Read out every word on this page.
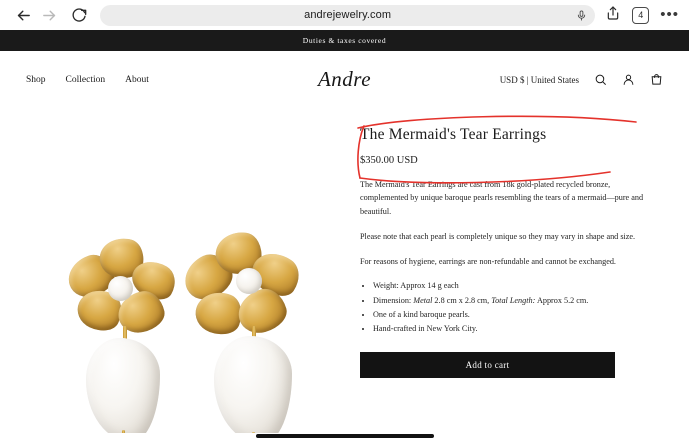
andrejewelry.com	4	•••
Duties & taxes covered
Shop Collection About	Andre	USD $ | United States
The Mermaid's Tear Earrings
$350.00 USD

The Mermaid's Tear Earrings are cast from 18k gold-plated recycled bronze, complemented by unique baroque pearls resembling the tears of a mermaid—pure and beautiful.

Please note that each pearl is completely unique so they may vary in shape and size.

For reasons of hygiene, earrings are non-refundable and cannot be exchanged.

• Weight: Approx 14 g each
• Dimension: Metal 2.8 cm x 2.8 cm, Total Length: Approx 5.2 cm.
• One of a kind baroque pearls.
• Hand-crafted in New York City.
Add to cart
